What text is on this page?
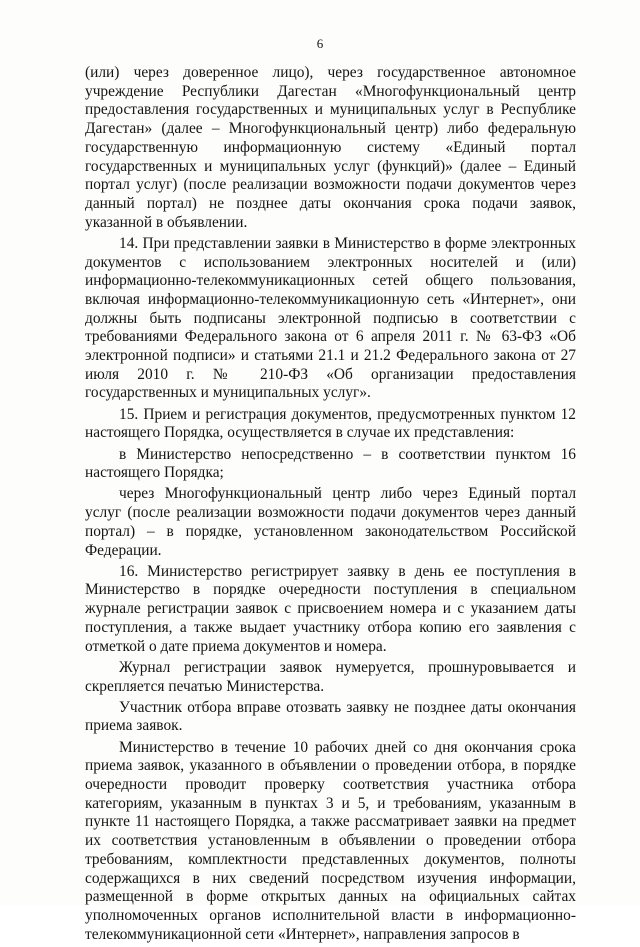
6

(или) через доверенное лицо), через государственное автономное учреждение Республики Дагестан «Многофункциональный центр предоставления государственных и муниципальных услуг в Республике Дагестан» (далее – Многофункциональный центр) либо федеральную государственную информационную систему «Единый портал государственных и муниципальных услуг (функций)» (далее – Единый портал услуг) (после реализации возможности подачи документов через данный портал) не позднее даты окончания срока подачи заявок, указанной в объявлении.

14. При представлении заявки в Министерство в форме электронных документов с использованием электронных носителей и (или) информационно-телекоммуникационных сетей общего пользования, включая информационно-телекоммуникационную сеть «Интернет», они должны быть подписаны электронной подписью в соответствии с требованиями Федерального закона от 6 апреля 2011 г. № 63-ФЗ «Об электронной подписи» и статьями 21.1 и 21.2 Федерального закона от 27 июля 2010 г. № 210-ФЗ «Об организации предоставления государственных и муниципальных услуг».

15. Прием и регистрация документов, предусмотренных пунктом 12 настоящего Порядка, осуществляется в случае их представления:

в Министерство непосредственно – в соответствии пунктом 16 настоящего Порядка;

через Многофункциональный центр либо через Единый портал услуг (после реализации возможности подачи документов через данный портал) – в порядке, установленном законодательством Российской Федерации.

16. Министерство регистрирует заявку в день ее поступления в Министерство в порядке очередности поступления в специальном журнале регистрации заявок с присвоением номера и с указанием даты поступления, а также выдает участнику отбора копию его заявления с отметкой о дате приема документов и номера.

Журнал регистрации заявок нумеруется, прошнуровывается и скрепляется печатью Министерства.

Участник отбора вправе отозвать заявку не позднее даты окончания приема заявок.

Министерство в течение 10 рабочих дней со дня окончания срока приема заявок, указанного в объявлении о проведении отбора, в порядке очередности проводит проверку соответствия участника отбора категориям, указанным в пунктах 3 и 5, и требованиям, указанным в пункте 11 настоящего Порядка, а также рассматривает заявки на предмет их соответствия установленным в объявлении о проведении отбора требованиям, комплектности представленных документов, полноты содержащихся в них сведений посредством изучения информации, размещенной в форме открытых данных на официальных сайтах уполномоченных органов исполнительной власти в информационно-телекоммуникационной сети «Интернет», направления запросов в
